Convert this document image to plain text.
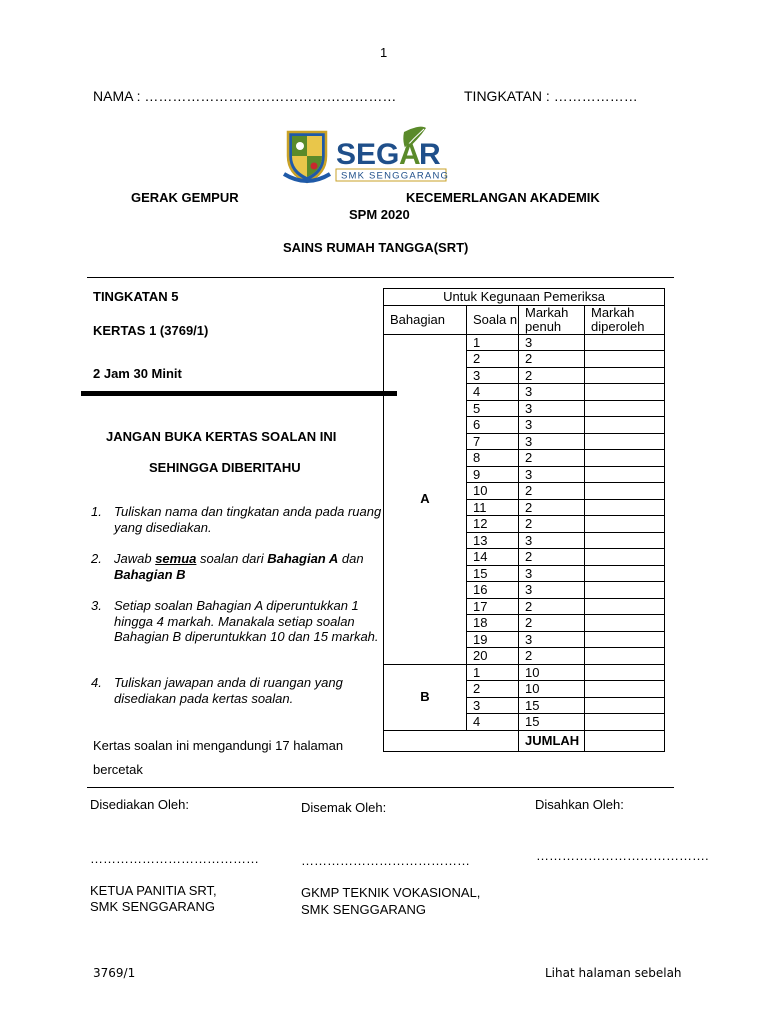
1
NAMA : ………………………………………………	TINGKATAN : ………………
SEG A
R
SMK SENGGARANG
GERAK GEMPUR	KECEMERLANGAN AKADEMIK
SPM 2020
SAINS RUMAH TANGGA(SRT)
TINGKATAN 5
KERTAS 1 (3769/1)
2 Jam 30 Minit
JANGAN BUKA KERTAS SOALAN INI
SEHINGGA DIBERITAHU
1. Tuliskan nama dan tingkatan anda pada ruang yang disediakan.
2. Jawab semua soalan dari Bahagian A dan
Bahagian B
3. Setiap soalan Bahagian A diperuntukkan 1 hingga 4 markah. Manakala setiap soalan Bahagian B diperuntukkan 10 dan 15 markah.
4. Tuliskan jawapan anda di ruangan yang disediakan pada kertas soalan.
Kertas soalan ini mengandungi 17 halaman
bercetak
Untuk Kegunaan Pemeriksa			
Bahagian	Soala n	Markah penuh	Markah diperoleh
A	1	3	
	2	2	
	3	2	
	4	3	
	5	3	
	6	3	
	7	3	
	8	2	
	9	3	
	10	2	
	11	2	
	12	2	
	13	3	
	14	2	
	15	3	
	16	3	
	17	2	
	18	2	
	19	3	
	20	2	
B	1	10	
	2	10	
	3	15	
	4	15	
		JUMLAH	
Disediakan Oleh:	Disemak Oleh:	Disahkan Oleh:
…………………………………	…………………………………	………………………………….
KETUA PANITIA SRT,
SMK SENGGARANG
GKMP TEKNIK VOKASIONAL,
SMK SENGGARANG
3769/1	Lihat halaman sebelah
